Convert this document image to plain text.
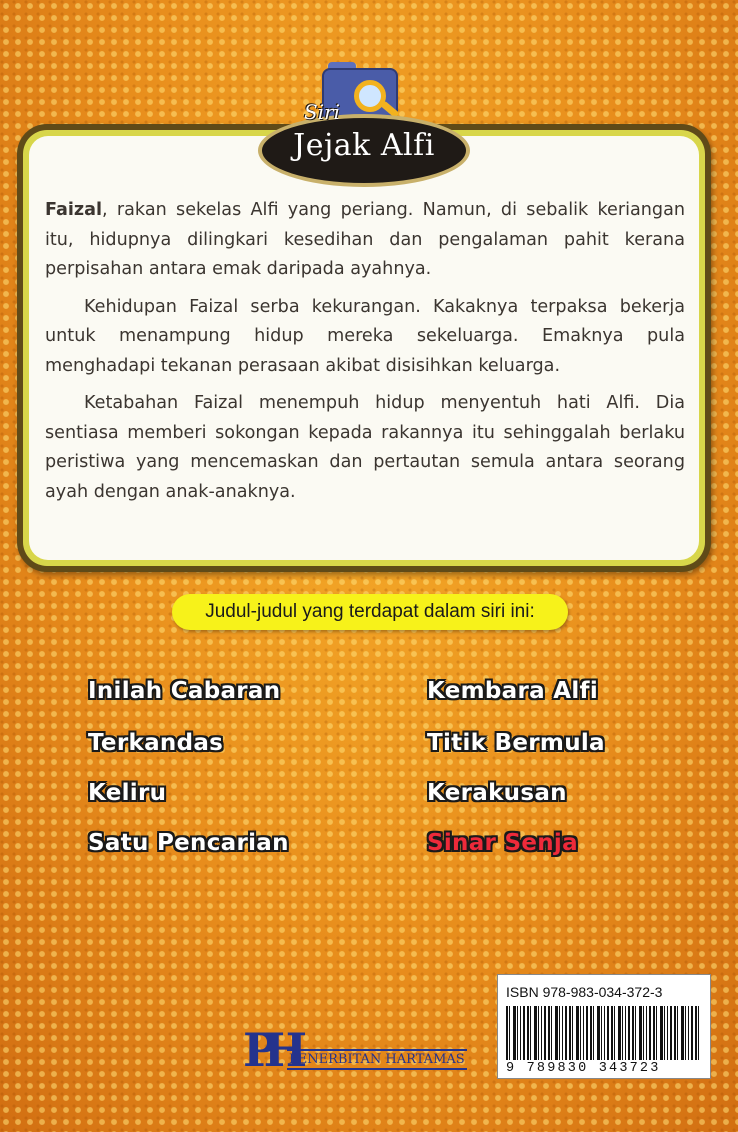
Faizal, rakan sekelas Alfi yang periang. Namun, di sebalik keriangan itu, hidupnya dilingkari kesedihan dan pengalaman pahit kerana perpisahan antara emak daripada ayahnya.

Kehidupan Faizal serba kekurangan. Kakaknya terpaksa bekerja untuk menampung hidup mereka sekeluarga. Emaknya pula menghadapi tekanan perasaan akibat disisihkan keluarga.

Ketabahan Faizal menempuh hidup menyentuh hati Alfi. Dia sentiasa memberi sokongan kepada rakannya itu sehinggalah berlaku peristiwa yang mencemaskan dan pertautan semula antara seorang ayah dengan anak-anaknya.

Siri
Jejak Alfi
Judul-judul yang terdapat dalam siri ini:

Inilah Cabaran

Terkandas

Keliru

Satu Pencarian

Kembara Alfi

Titik Bermula

Kerakusan

Sinar Senja

PH
PENERBITAN HARTAMAS
ISBN 978-983-034-372-3
9 789830 343723
